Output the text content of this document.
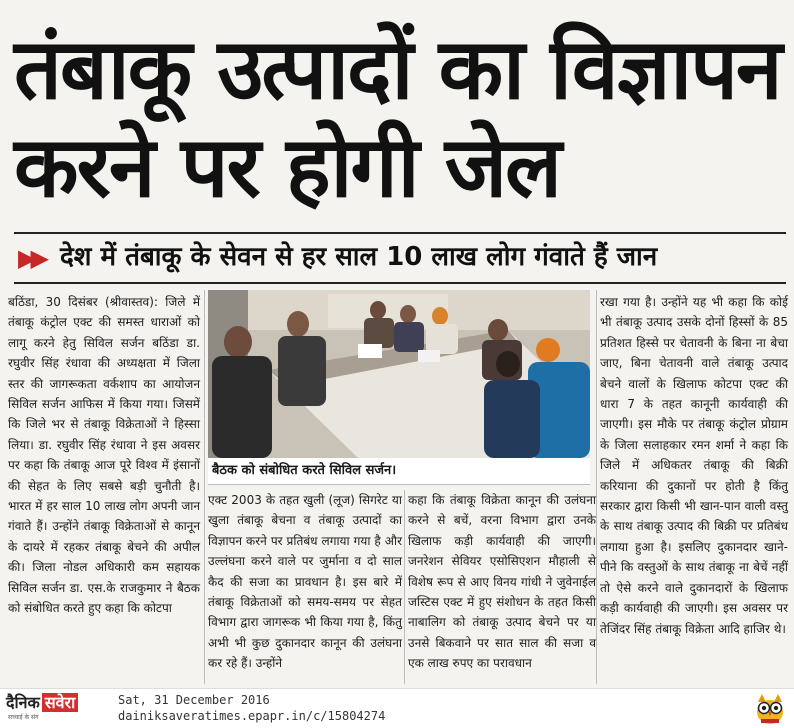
तंबाकू उत्पादों का विज्ञापन
करने पर होगी जेल
▶▶ देश में तंबाकू के सेवन से हर साल 10 लाख लोग गंवाते हैं जान

बठिंडा, 30 दिसंबर (श्रीवास्तव): जिले में तंबाकू कंट्रोल एक्ट की समस्त धाराओं को लागू करने हेतु सिविल सर्जन बठिंडा डा. रघुवीर सिंह रंधावा की अध्यक्षता में जिला स्तर की जागरूकता वर्कशाप का आयोजन सिविल सर्जन आफिस में किया गया। जिसमें कि जिले भर से तंबाकू विक्रेताओं ने हिस्सा लिया। डा. रघुवीर सिंह रंधावा ने इस अवसर पर कहा कि तंबाकू आज पूरे विश्व में इंसानों की सेहत के लिए सबसे बड़ी चुनौती है। भारत में हर साल 10 लाख लोग अपनी जान गंवाते हैं। उन्होंने तंबाकू विक्रेताओं से कानून के दायरे में रहकर तंबाकू बेचने की अपील की। जिला नोडल अधिकारी कम सहायक सिविल सर्जन डा. एस.के राजकुमार ने बैठक को संबोधित करते हुए कहा कि कोटपा

बैठक को संबोधित करते सिविल सर्जन।

एक्ट 2003 के तहत खुली (लूज) सिगरेट या खुला तंबाकू बेचना व तंबाकू उत्पादों का विज्ञापन करने पर प्रतिबंध लगाया गया है और उल्लंघना करने वाले पर जुर्माना व दो साल कैद की सजा का प्रावधान है। इस बारे में तंबाकू विक्रेताओं को समय-समय पर सेहत विभाग द्वारा जागरूक भी किया गया है, किंतु अभी भी कुछ दुकानदार कानून की उलंघना कर रहे हैं। उन्होंने

कहा कि तंबाकू विक्रेता कानून की उलंघना करने से बचें, वरना विभाग द्वारा उनके खिलाफ कड़ी कार्यवाही की जाएगी। जनरेशन सेवियर एसोसिएशन मौहाली से विशेष रूप से आए विनय गांधी ने जुवेनाईल जस्टिस एक्ट में हुए संशोधन के तहत किसी नाबालिग को तंबाकू उत्पाद बेचने पर या उनसे बिकवाने पर सात साल की सजा व एक लाख रुपए का परावधान

रखा गया है। उन्होंने यह भी कहा कि कोई भी तंबाकू उत्पाद उसके दोनों हिस्सों के 85 प्रतिशत हिस्से पर चेतावनी के बिना ना बेचा जाए, बिना चेतावनी वाले तंबाकू उत्पाद बेचने वालों के खिलाफ कोटपा एक्ट की धारा 7 के तहत कानूनी कार्यवाही की जाएगी। इस मौके पर तंबाकू कंट्रोल प्रोग्राम के जिला सलाहकार रमन शर्मा ने कहा कि जिले में अधिकतर तंबाकू की बिक्री करियाना की दुकानों पर होती है किंतु सरकार द्वारा किसी भी खान-पान वाली वस्तु के साथ तंबाकू उत्पाद की बिक्री पर प्रतिबंध लगाया हुआ है। इसलिए दुकानदार खाने-पीने कि वस्तुओं के साथ तंबाकू ना बेचें नहीं तो ऐसे करने वाले दुकानदारों के खिलाफ कड़ी कार्यवाही की जाएगी। इस अवसर पर तेजिंदर सिंह तंबाकू विक्रेता आदि हाजिर थे।

दैनिक सवेरा
सच्चाई के संग
Sat, 31 December 2016
dainiksaveratimes.epapr.in/c/15804274
